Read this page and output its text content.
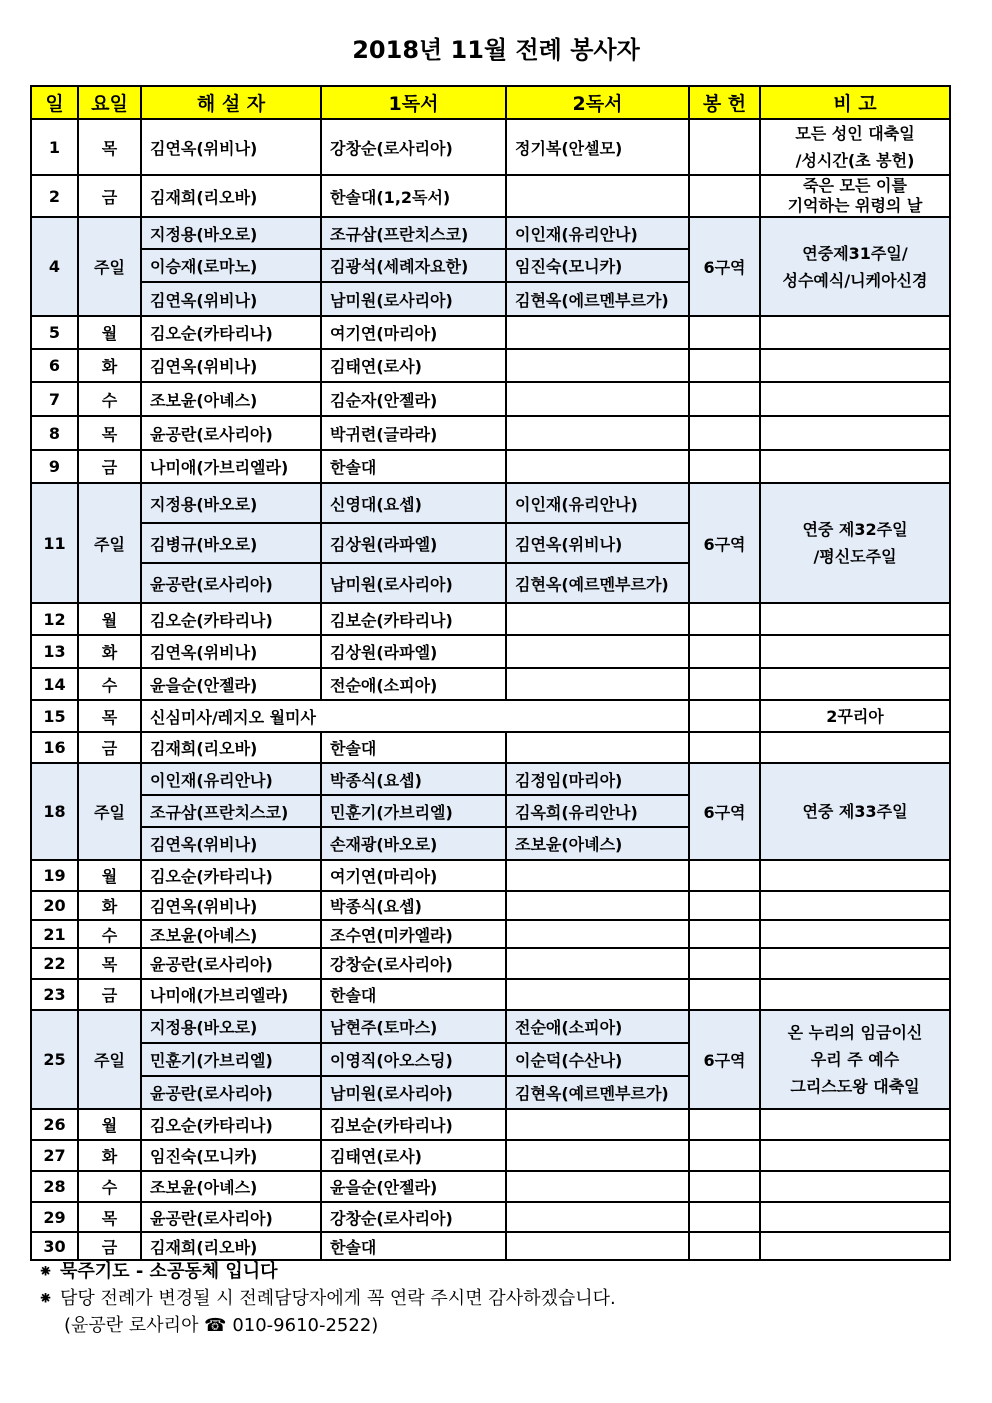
2018년 11월 전례 봉사자
일	요일	해 설 자	1독서	2독서	봉 헌	비 고
1	목	김연옥(위비나)	강창순(로사리아)	정기복(안셀모)		모든 성인 대축일
/성시간(초 봉헌)
2	금	김재희(리오바)	한솔대(1,2독서)			죽은 모든 이를
기억하는 위령의 날
4	주일	지정용(바오로)	조규삼(프란치스코)	이인재(유리안나)	6구역	연중제31주일/
성수예식/니케아신경
		이승재(로마노)	김광석(세례자요한)	임진숙(모니카)		
		김연옥(위비나)	남미원(로사리아)	김현옥(에르멘부르가)		
5	월	김오순(카타리나)	여기연(마리아)			
6	화	김연옥(위비나)	김태연(로사)			
7	수	조보윤(아녜스)	김순자(안젤라)			
8	목	윤공란(로사리아)	박귀련(글라라)			
9	금	나미애(가브리엘라)	한솔대			
11	주일	지정용(바오로)	신영대(요셉)	이인재(유리안나)	6구역	연중 제32주일
/평신도주일
		김병규(바오로)	김상원(라파엘)	김연옥(위비나)		
		윤공란(로사리아)	남미원(로사리아)	김현옥(예르멘부르가)		
12	월	김오순(카타리나)	김보순(카타리나)			
13	화	김연옥(위비나)	김상원(라파엘)			
14	수	윤을순(안젤라)	전순애(소피아)			
15	목	신심미사/레지오 월미사				2꾸리아
16	금	김재희(리오바)	한솔대			
18	주일	이인재(유리안나)	박종식(요셉)	김정임(마리아)	6구역	연중 제33주일
		조규삼(프란치스코)	민훈기(가브리엘)	김옥희(유리안나)		
		김연옥(위비나)	손재광(바오로)	조보윤(아녜스)		
19	월	김오순(카타리나)	여기연(마리아)			
20	화	김연옥(위비나)	박종식(요셉)			
21	수	조보윤(아녜스)	조수연(미카엘라)			
22	목	윤공란(로사리아)	강창순(로사리아)			
23	금	나미애(가브리엘라)	한솔대			
25	주일	지정용(바오로)	남현주(토마스)	전순애(소피아)	6구역	온 누리의 임금이신
우리 주 예수
그리스도왕 대축일
		민훈기(가브리엘)	이영직(아오스딩)	이순덕(수산나)		
		윤공란(로사리아)	남미원(로사리아)	김현옥(예르멘부르가)		
26	월	김오순(카타리나)	김보순(카타리나)			
27	화	임진숙(모니카)	김태연(로사)			
28	수	조보윤(아녜스)	윤을순(안젤라)			
29	목	윤공란(로사리아)	강창순(로사리아)			
30	금	김재희(리오바)	한솔대			
⁕ 묵주기도 - 소공동체 입니다
⁕ 담당 전례가 변경될 시 전례담당자에게 꼭 연락 주시면 감사하겠습니다.
(윤공란 로사리아 ☎ 010-9610-2522)
